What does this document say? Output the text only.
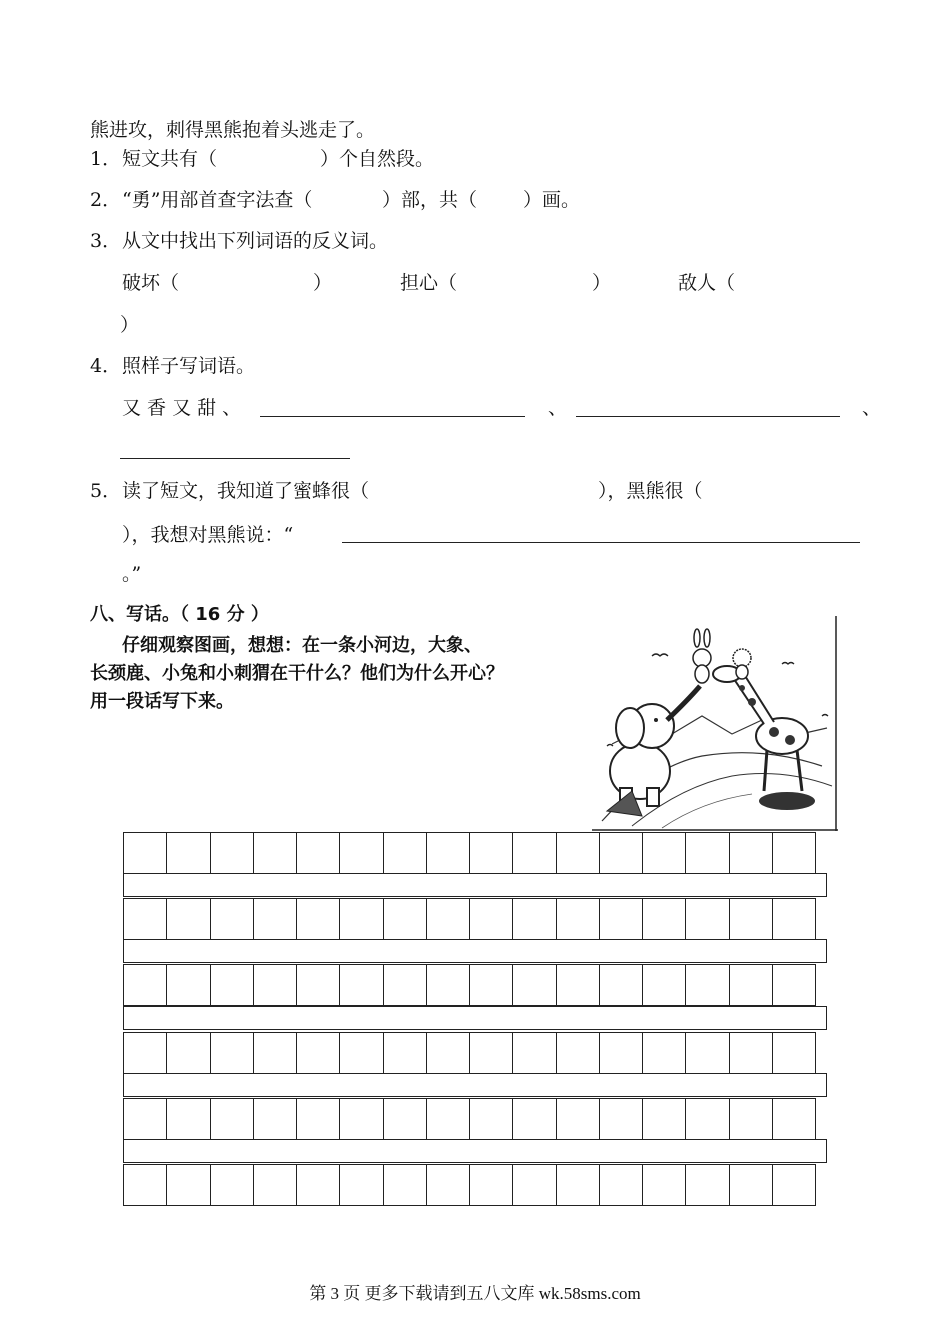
熊进攻，刺得黑熊抱着头逃走了。
1． 短文共有（	）个自然段。
2． “勇”用部首查字法查（	）部，共（ ）画。
3． 从文中找出下列词语的反义词。
破坏（	）	担心（	）	敌人（
）
4． 照样子写词语。
又 香 又 甜 、	、	、
5． 读了短文，我知道了蜜蜂很（	），黑熊很（
），我想对黑熊说：“
。”
八、写话。（ 16 分 ）
仔细观察图画，想想：在一条小河边，大象、
长颈鹿、小兔和小刺猬在干什么？他们为什么开心？
用一段话写下来。
第 3 页 更多下载请到五八文库 wk.58sms.com
